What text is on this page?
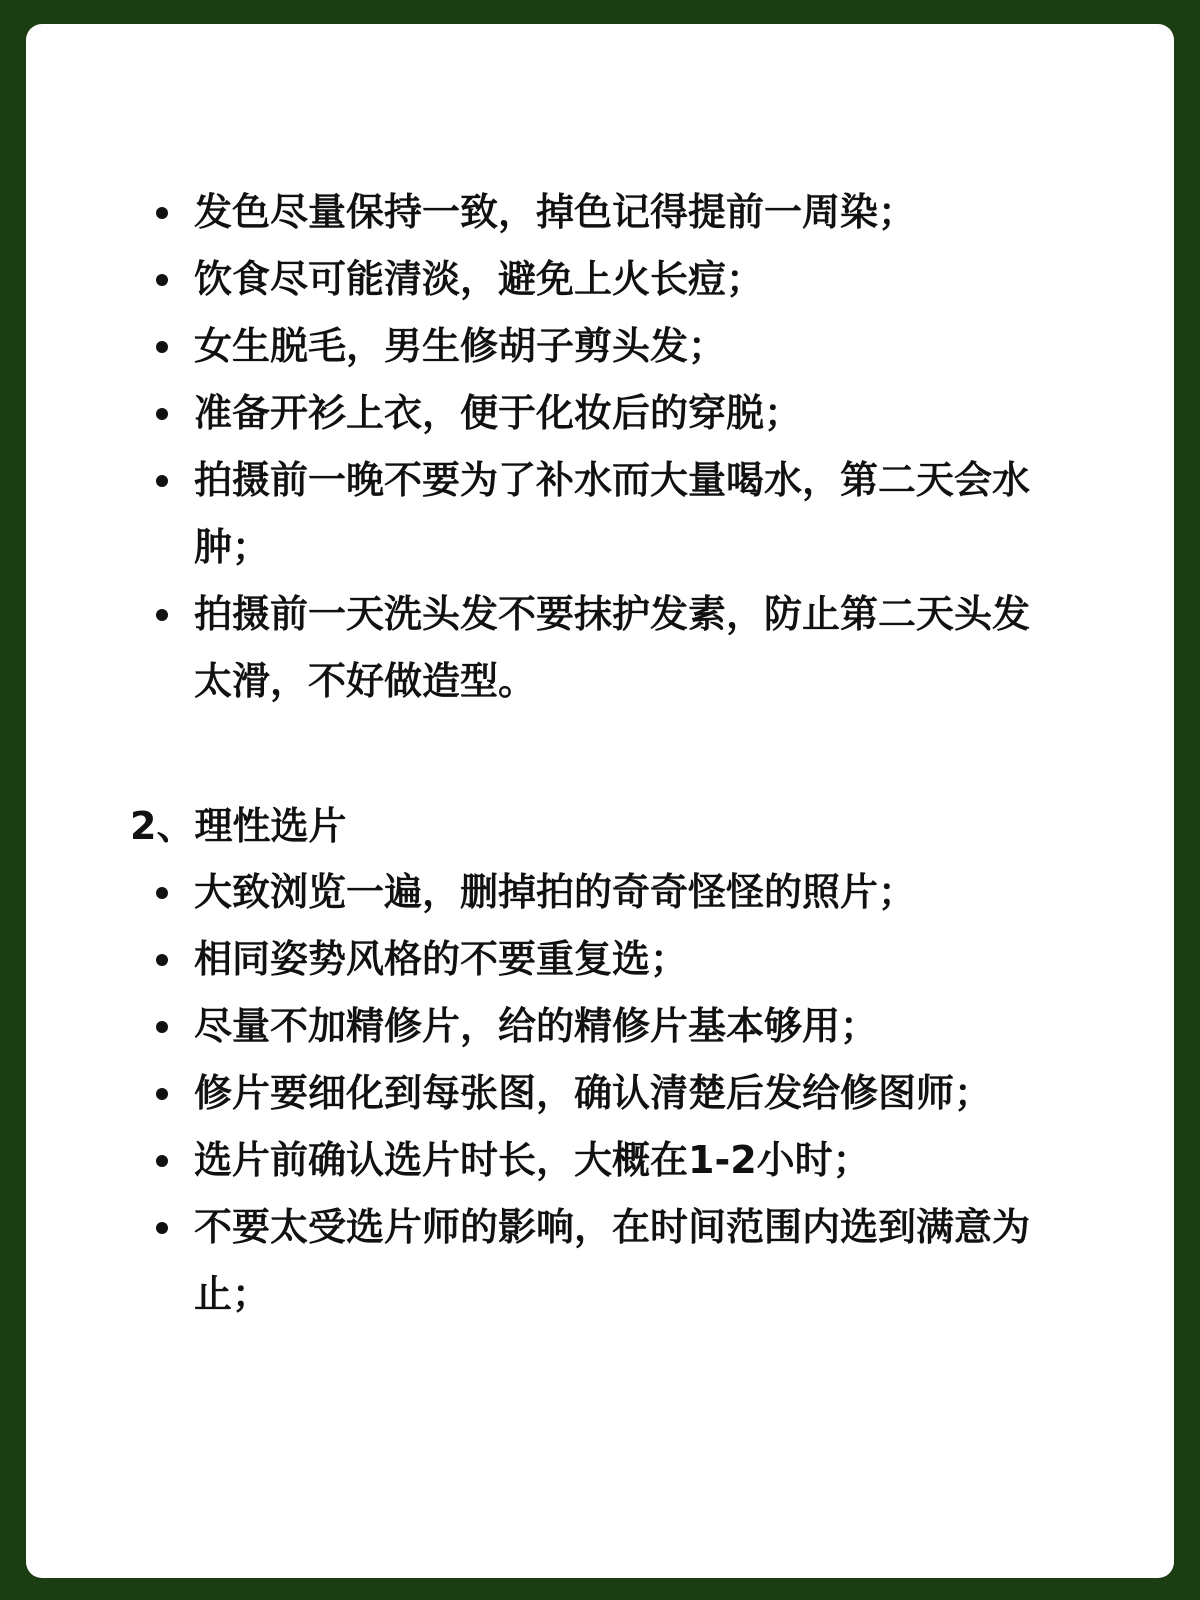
发色尽量保持一致，掉色记得提前一周染；
饮食尽可能清淡，避免上火长痘；
女生脱毛，男生修胡子剪头发；
准备开衫上衣，便于化妆后的穿脱；
拍摄前一晚不要为了补水而大量喝水，第二天会水肿；
拍摄前一天洗头发不要抹护发素，防止第二天头发太滑，不好做造型。
2、理性选片
大致浏览一遍，删掉拍的奇奇怪怪的照片；
相同姿势风格的不要重复选；
尽量不加精修片，给的精修片基本够用；
修片要细化到每张图，确认清楚后发给修图师；
选片前确认选片时长，大概在1-2小时；
不要太受选片师的影响，在时间范围内选到满意为止；
